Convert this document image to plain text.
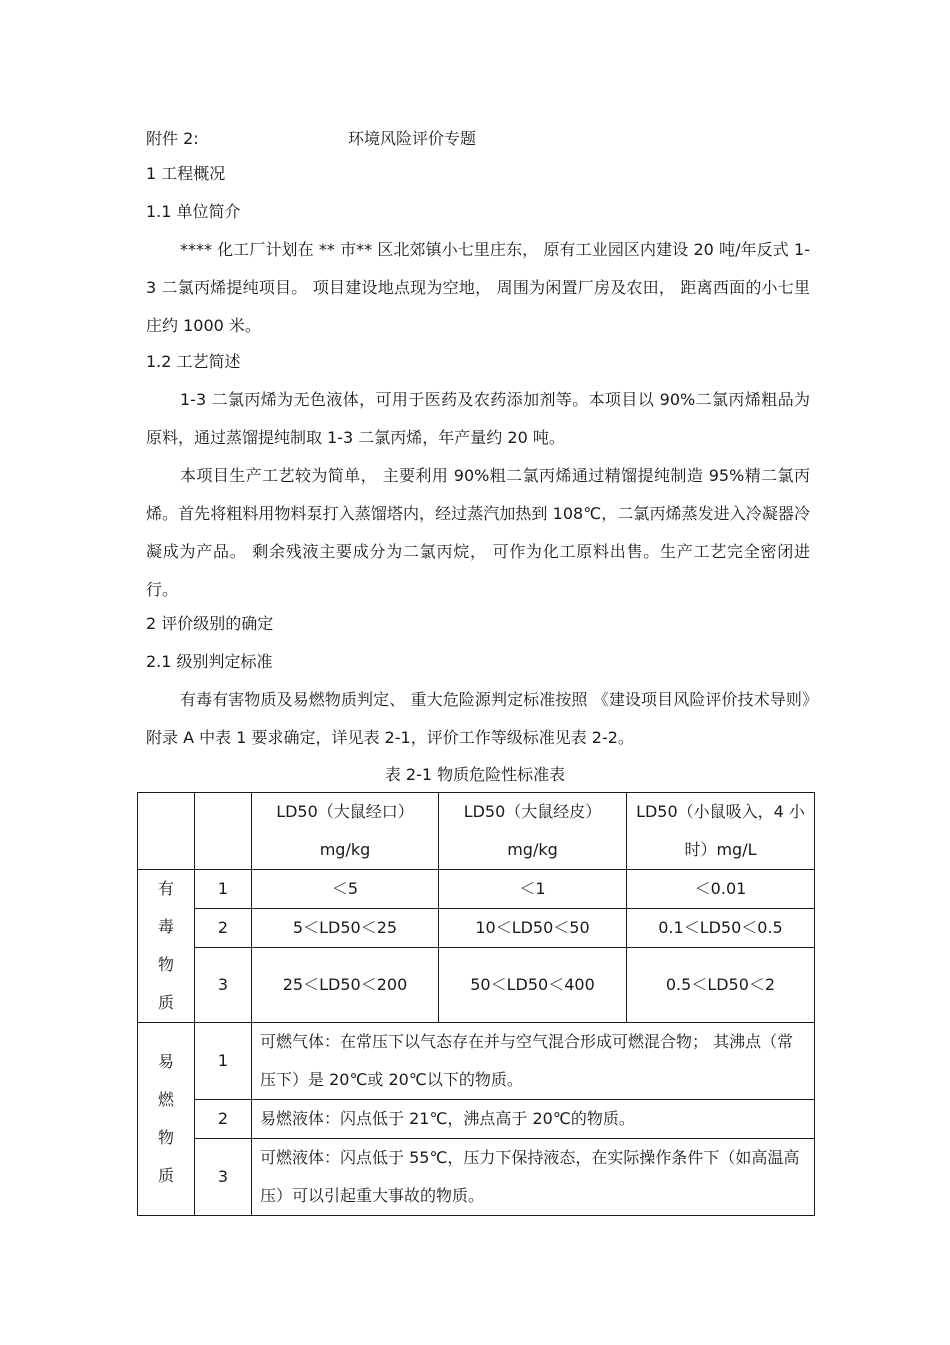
附件 2:	环境风险评价专题
1 工程概况
1.1 单位简介

**** 化工厂计划在 ** 市** 区北郊镇小七里庄东， 原有工业园区内建设 20 吨/年反式 1-3 二氯丙烯提纯项目。 项目建设地点现为空地， 周围为闲置厂房及农田， 距离西面的小七里庄约 1000 米。

1.2 工艺简述

1-3 二氯丙烯为无色液体，可用于医药及农药添加剂等。本项目以 90%二氯丙烯粗品为原料，通过蒸馏提纯制取 1-3 二氯丙烯，年产量约 20 吨。

本项目生产工艺较为简单， 主要利用 90%粗二氯丙烯通过精馏提纯制造 95%精二氯丙烯。首先将粗料用物料泵打入蒸馏塔内，经过蒸汽加热到 108℃，二氯丙烯蒸发进入冷凝器冷凝成为产品。 剩余残液主要成分为二氯丙烷， 可作为化工原料出售。生产工艺完全密闭进行。

2 评价级别的确定
2.1 级别判定标准

有毒有害物质及易燃物质判定、 重大危险源判定标准按照 《建设项目风险评价技术导则》附录 A 中表 1 要求确定，详见表 2-1，评价工作等级标准见表 2-2。

表 2-1 物质危险性标准表

		LD50（大鼠经口）mg/kg	LD50（大鼠经皮）mg/kg	LD50（小鼠吸入，4 小时）mg/L

有毒物质	1	＜5	＜1	＜0.01
	2	5＜LD50＜25	10＜LD50＜50	0.1＜LD50＜0.5
	3	25＜LD50＜200	50＜LD50＜400	0.5＜LD50＜2
易燃物质	1	可燃气体：在常压下以气态存在并与空气混合形成可燃混合物； 其沸点（常压下）是 20℃或 20℃以下的物质。		
	2	易燃液体：闪点低于 21℃，沸点高于 20℃的物质。		
	3	可燃液体：闪点低于 55℃，压力下保持液态，在实际操作条件下（如高温高压）可以引起重大事故的物质。		
